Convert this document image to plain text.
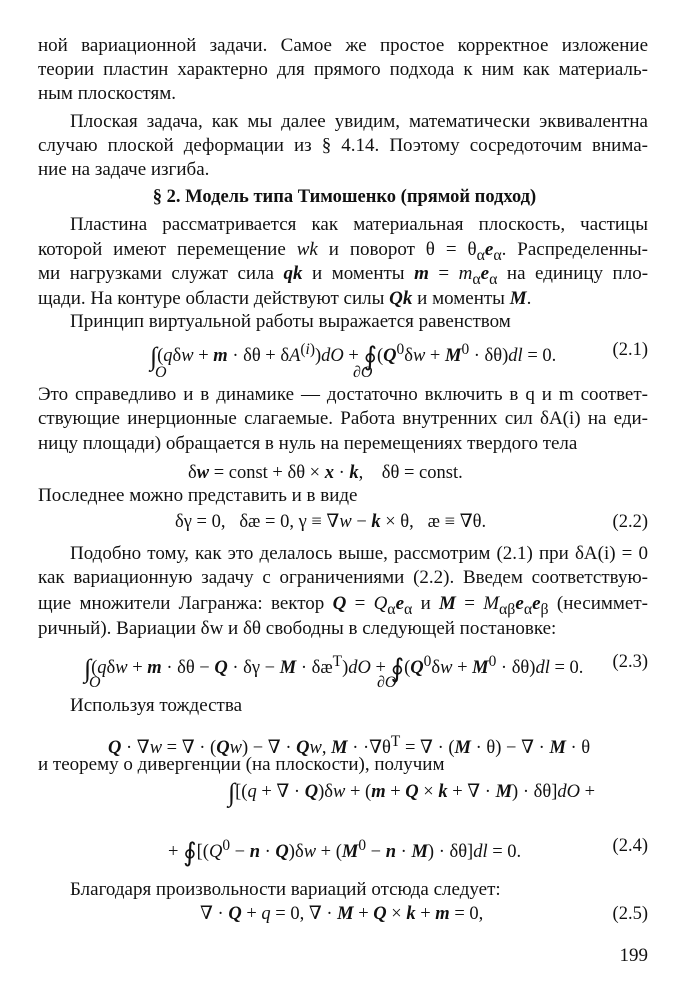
ной вариационной задачи. Самое же простое корректное изложение
теории пластин характерно для прямого подхода к ним как материаль-
ным плоскостям.
Плоская задача, как мы далее увидим, математически эквивалентна
случаю плоской деформации из § 4.14. Поэтому сосредоточим внима-
ние на задаче изгиба.
§ 2. Модель типа Тимошенко (прямой подход)
Пластина рассматривается как материальная плоскость, частицы
которой имеют перемещение wk и поворот $\theta = \theta_\alpha e_\alpha$. Распределенны-
ми нагрузками служат сила qk и моменты $m = m_\alpha e_\alpha$ на единицу пло-
щади. На контуре области действуют силы Qk и моменты M.
Принцип виртуальной работы выражается равенством
$\int(q\delta w + m \cdot \delta\theta + \delta A^{(i)})dO$ + $∮(Q^0\delta w + M^0 \cdot \delta\theta)dl = 0$.
O	∂O
(2.1)
Это справедливо и в динамике — достаточно включить в q и m соответ-
ствующие инерционные слагаемые. Работа внутренних сил δA(i) на еди-
ницу площади) обращается в нуль на перемещениях твердого тела
δw = const + δθ × x · k,    δθ = const.
Последнее можно представить и в виде
δγ = 0,   δæ = 0, γ ≡ ∇w − k × θ,   æ ≡ ∇θ.	(2.2)
Подобно тому, как это делалось выше, рассмотрим (2.1) при δA(i) = 0
как вариационную задачу с ограничениями (2.2). Введем соответствую-
щие множители Лагранжа: вектор $Q = Q_\alpha e_\alpha$ и $M = M_{\alpha\beta}e_\alpha e_\beta$ (несиммет-
ричный). Вариации δw и δθ свободны в следующей постановке:
$\int(q\delta w + m \cdot \delta\theta - Q \cdot \delta\gamma - M \cdot \delta æ^T)dO$ + $∮(Q^0\delta w + M^0 \cdot \delta\theta)dl = 0$.
O	∂O
(2.3)
Используя тождества
Q · ∇w = ∇ · (Qw) − ∇ · Qw, $M \cdot \cdot\nabla\theta^T$ = ∇ · (M · θ) − ∇ · M · θ
и теорему о дивергенции (на плоскости), получим
∫[(q + ∇ · Q)δw + (m + Q × k + ∇ · M) · δθ]dO +
+ $∮[(Q^0 - n \cdot Q)\delta w + (M^0 - n \cdot M) \cdot \delta\theta]dl = 0$.	(2.4)
Благодаря произвольности вариаций отсюда следует:
∇ · Q + q = 0, ∇ · M + Q × k + m = 0,	(2.5)
199
